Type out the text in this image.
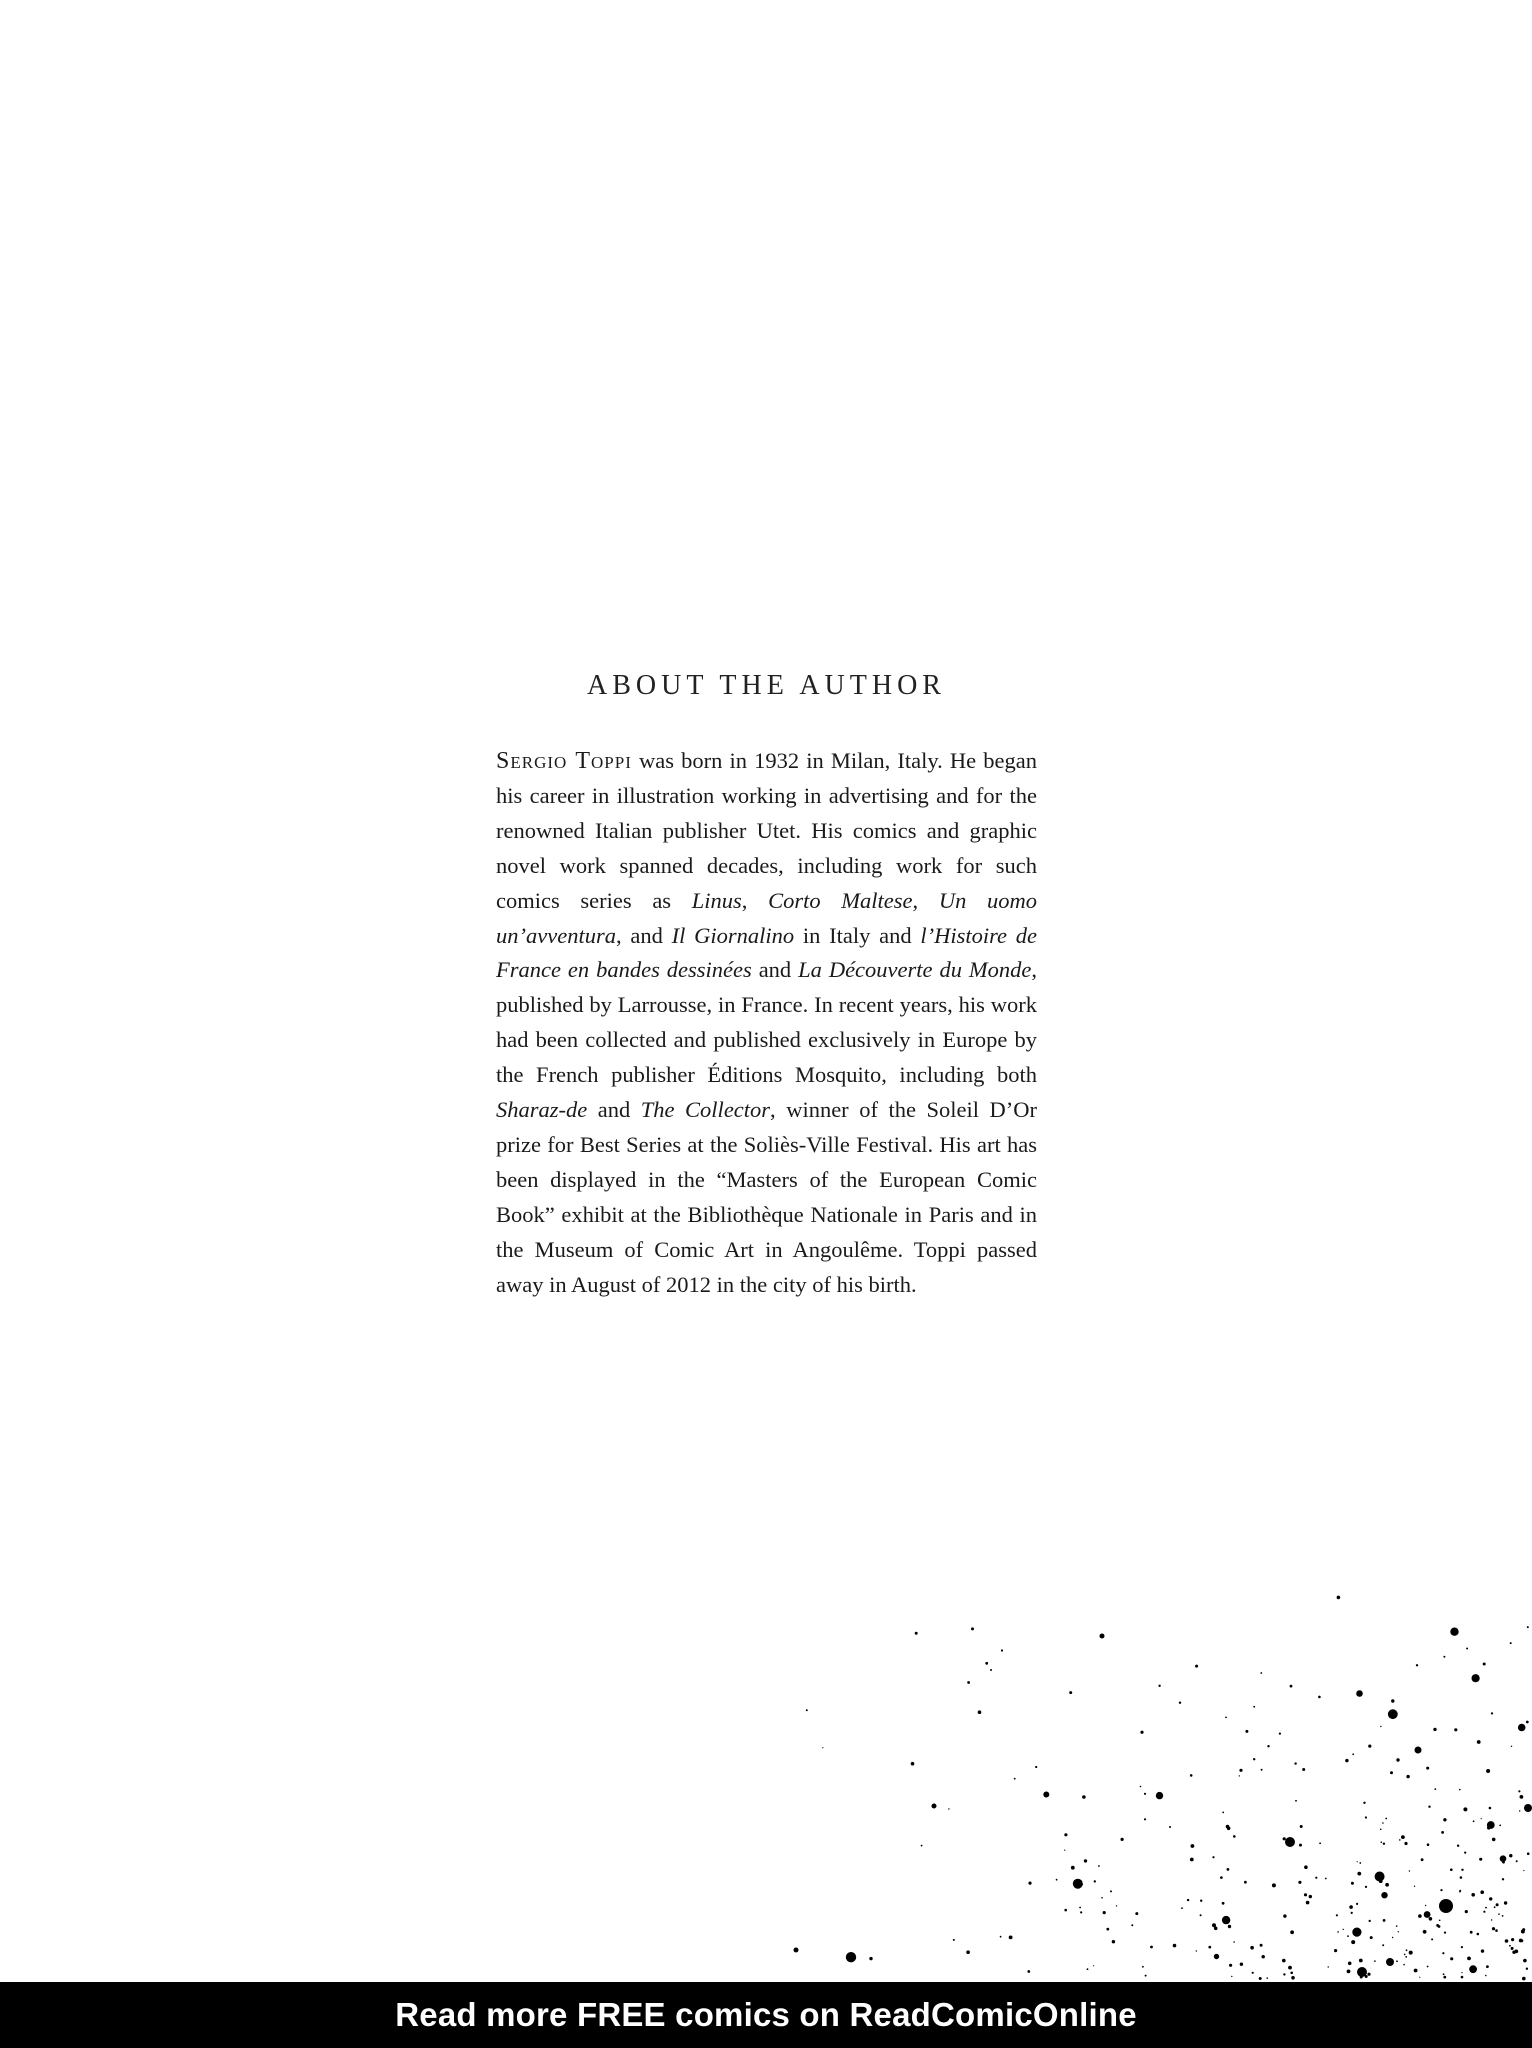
ABOUT THE AUTHOR

Sergio Toppi was born in 1932 in Milan, Italy. He began his career in illustration working in advertising and for the renowned Italian publisher Utet. His comics and graphic novel work spanned decades, including work for such comics series as Linus, Corto Maltese, Un uomo un’avventura, and Il Giornalino in Italy and l’Histoire de France en bandes dessinées and La Découverte du Monde, published by Larrousse, in France. In recent years, his work had been collected and published exclusively in Europe by the French publisher Éditions Mosquito, including both Sharaz-de and The Collector, winner of the Soleil D’Or prize for Best Series at the Soliès-Ville Festival. His art has been displayed in the “Masters of the European Comic Book” exhibit at the Bibliothèque Nationale in Paris and in the Museum of Comic Art in Angoulême. Toppi passed away in August of 2012 in the city of his birth.

Read more FREE comics on ReadComicOnline
